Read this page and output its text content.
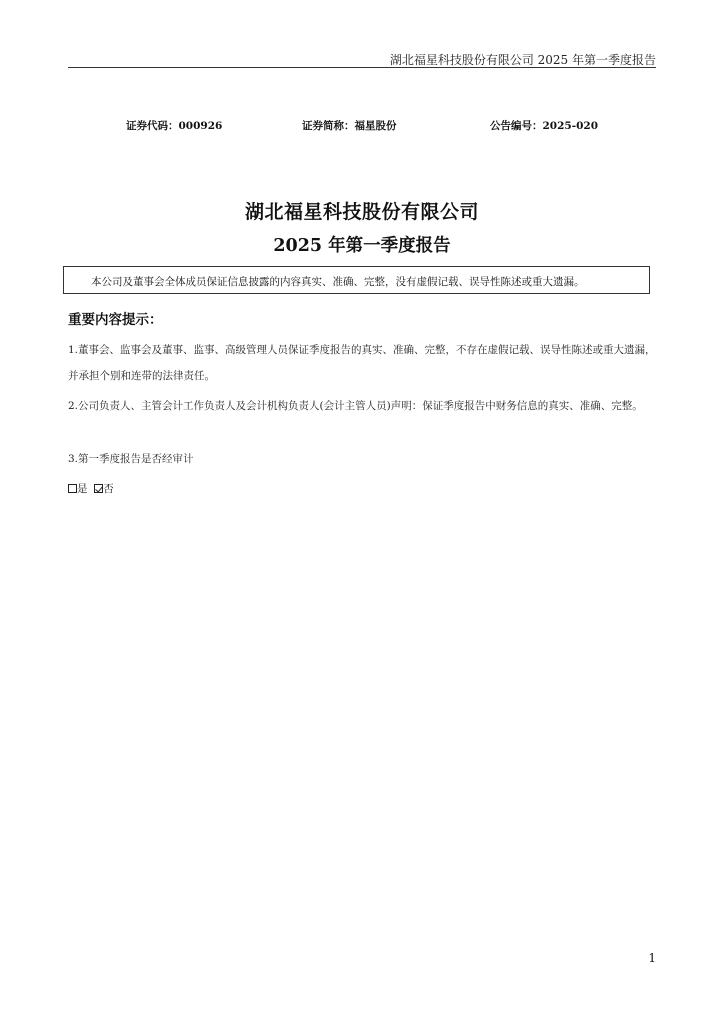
湖北福星科技股份有限公司 2025 年第一季度报告
证券代码：000926	证券简称：福星股份	公告编号：2025-020
湖北福星科技股份有限公司
2025 年第一季度报告
本公司及董事会全体成员保证信息披露的内容真实、准确、完整，没有虚假记载、误导性陈述或重大遗漏。
重要内容提示：
1.董事会、监事会及董事、监事、高级管理人员保证季度报告的真实、准确、完整，不存在虚假记载、误导性陈述或重大遗漏，并承担个别和连带的法律责任。
2.公司负责人、主管会计工作负责人及会计机构负责人(会计主管人员)声明：保证季度报告中财务信息的真实、准确、完整。
3.第一季度报告是否经审计
是 否
1
